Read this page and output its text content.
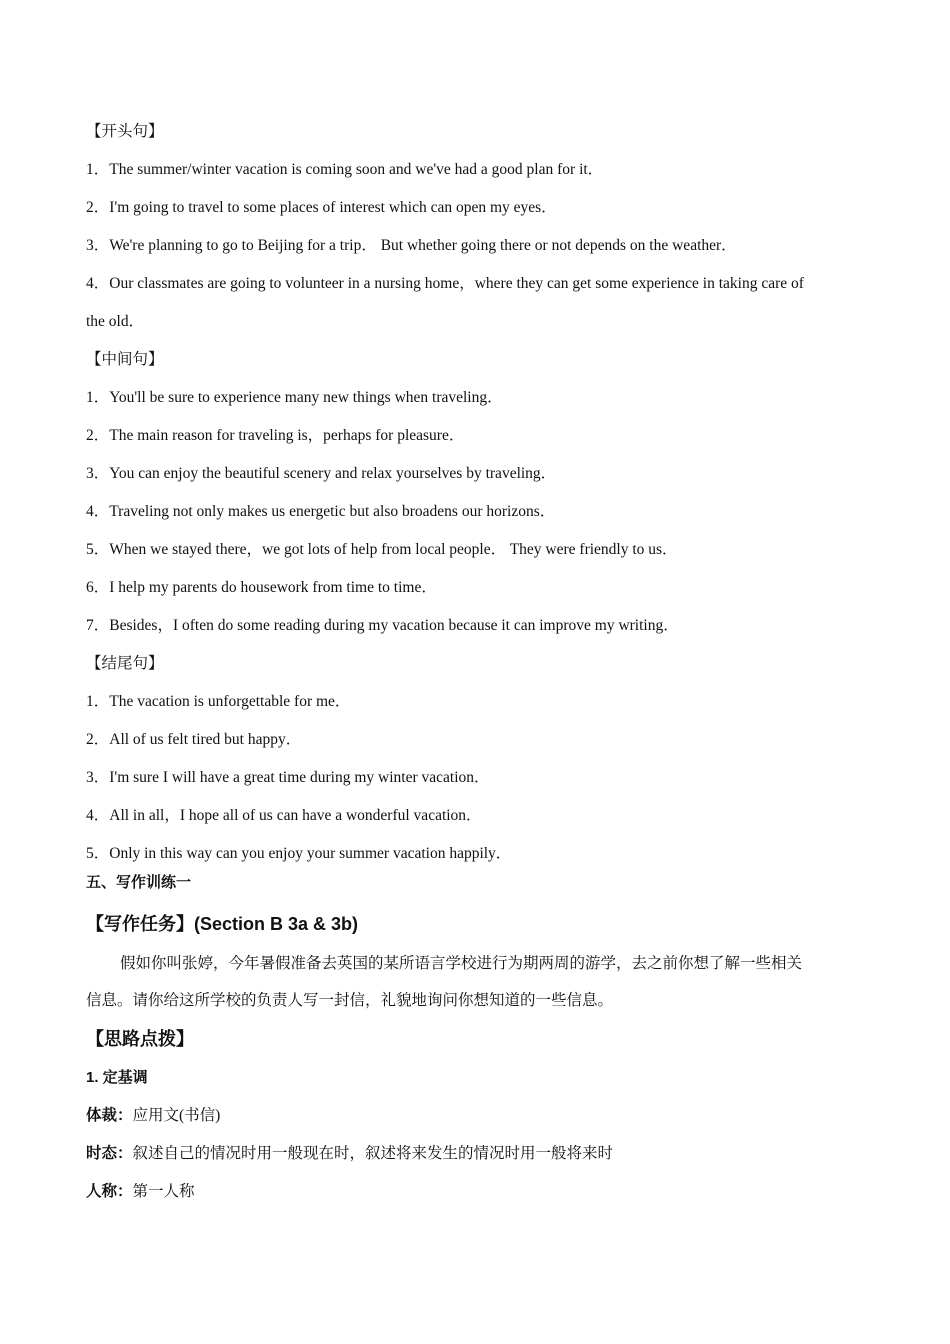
【开头句】
1．The summer/winter vacation is coming soon and we've had a good plan for it．
2．I'm going to travel to some places of interest which can open my eyes．
3．We're planning to go to Beijing for a trip． But whether going there or not depends on the weather．
4．Our classmates are going to volunteer in a nursing home，where they can get some experience in taking care of
the old．
【中间句】
1．You'll be sure to experience many new things when traveling．
2．The main reason for traveling is，perhaps for pleasure．
3．You can enjoy the beautiful scenery and relax yourselves by traveling．
4．Traveling not only makes us energetic but also broadens our horizons．
5．When we stayed there，we got lots of help from local people． They were friendly to us．
6．I help my parents do housework from time to time．
7．Besides，I often do some reading during my vacation because it can improve my writing．
【结尾句】
1．The vacation is unforgettable for me．
2．All of us felt tired but happy．
3．I'm sure I will have a great time during my winter vacation．
4．All in all，I hope all of us can have a wonderful vacation．
5．Only in this way can you enjoy your summer vacation happily．
五、写作训练一
【写作任务】(Section B 3a & 3b)
假如你叫张婷，今年暑假准备去英国的某所语言学校进行为期两周的游学，去之前你想了解一些相关
信息。请你给这所学校的负责人写一封信，礼貌地询问你想知道的一些信息。
【思路点拨】
1. 定基调
体裁：应用文(书信)
时态：叙述自己的情况时用一般现在时，叙述将来发生的情况时用一般将来时
人称：第一人称
